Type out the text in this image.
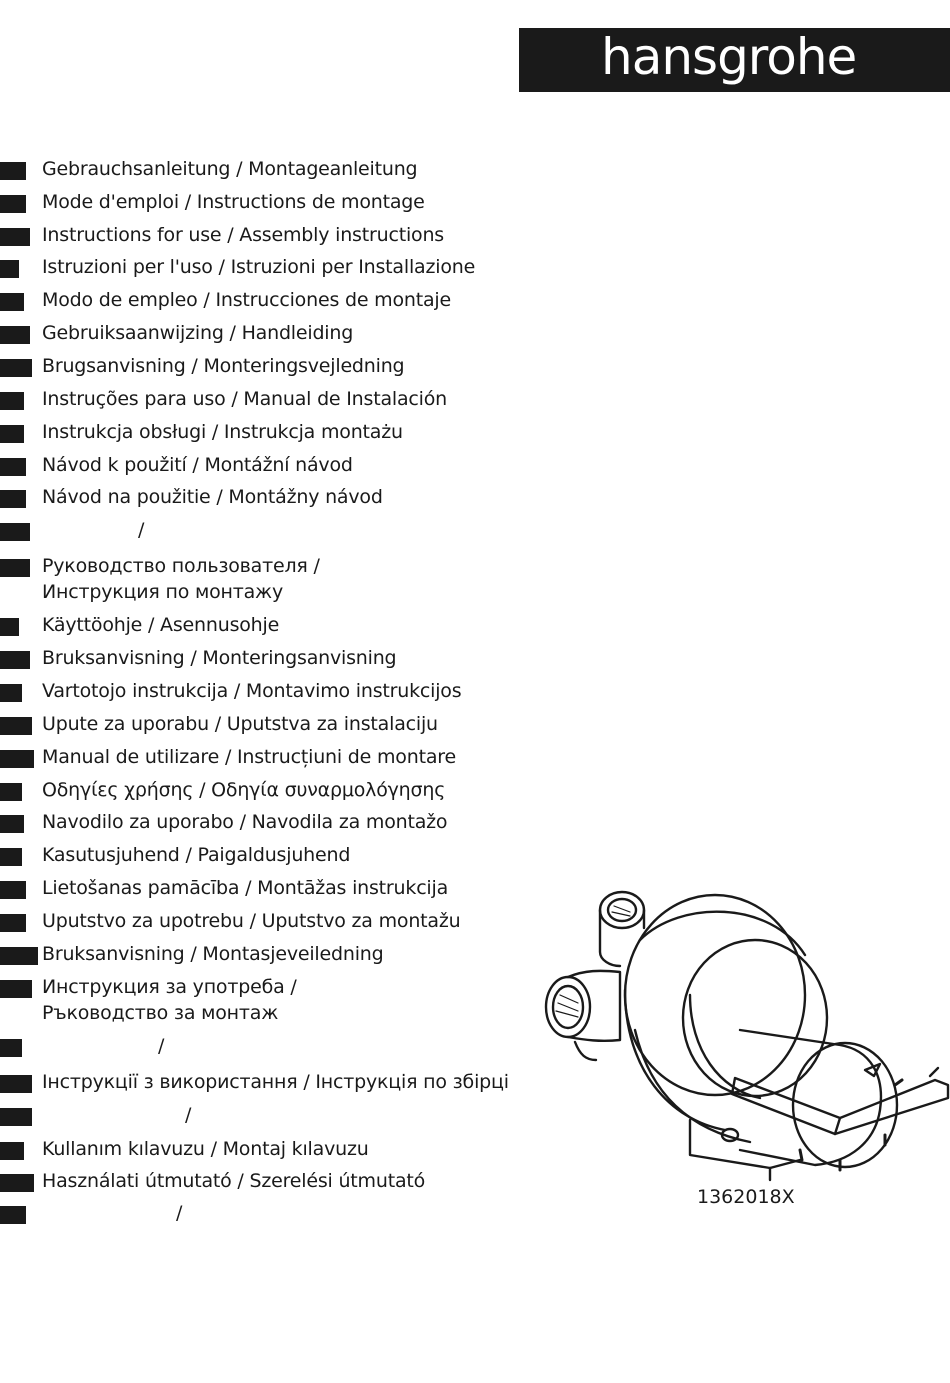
hansgrohe
Gebrauchsanleitung / Montageanleitung
Mode d'emploi / Instructions de montage
Instructions for use / Assembly instructions
Istruzioni per l'uso / Istruzioni per Installazione
Modo de empleo / Instrucciones de montaje
Gebruiksaanwijzing / Handleiding
Brugsanvisning / Monteringsvejledning
Instruções para uso / Manual de Instalación
Instrukcja obsługi / Instrukcja montażu
Návod k použití / Montážní návod
Návod na použitie / Montážny návod
/
Руководство пользователя /
Инструкция по монтажу
Käyttöohje / Asennusohje
Bruksanvisning / Monteringsanvisning
Vartotojo instrukcija / Montavimo instrukcijos
Upute za uporabu / Uputstva za instalaciju
Manual de utilizare / Instrucțiuni de montare
Οδηγίες χρήσης / Οδηγία συναρμολόγησης
Navodilo za uporabo / Navodila za montažo
Kasutusjuhend / Paigaldusjuhend
Lietošanas pamācība / Montāžas instrukcija
Uputstvo za upotrebu / Uputstvo za montažu
Bruksanvisning / Montasjeveiledning
Инструкция за употреба /
Ръководство за монтаж
/
Інструкції з використання / Інструкція по збірці
/
Kullanım kılavuzu / Montaj kılavuzu
Használati útmutató / Szerelési útmutató
/
1362018X
